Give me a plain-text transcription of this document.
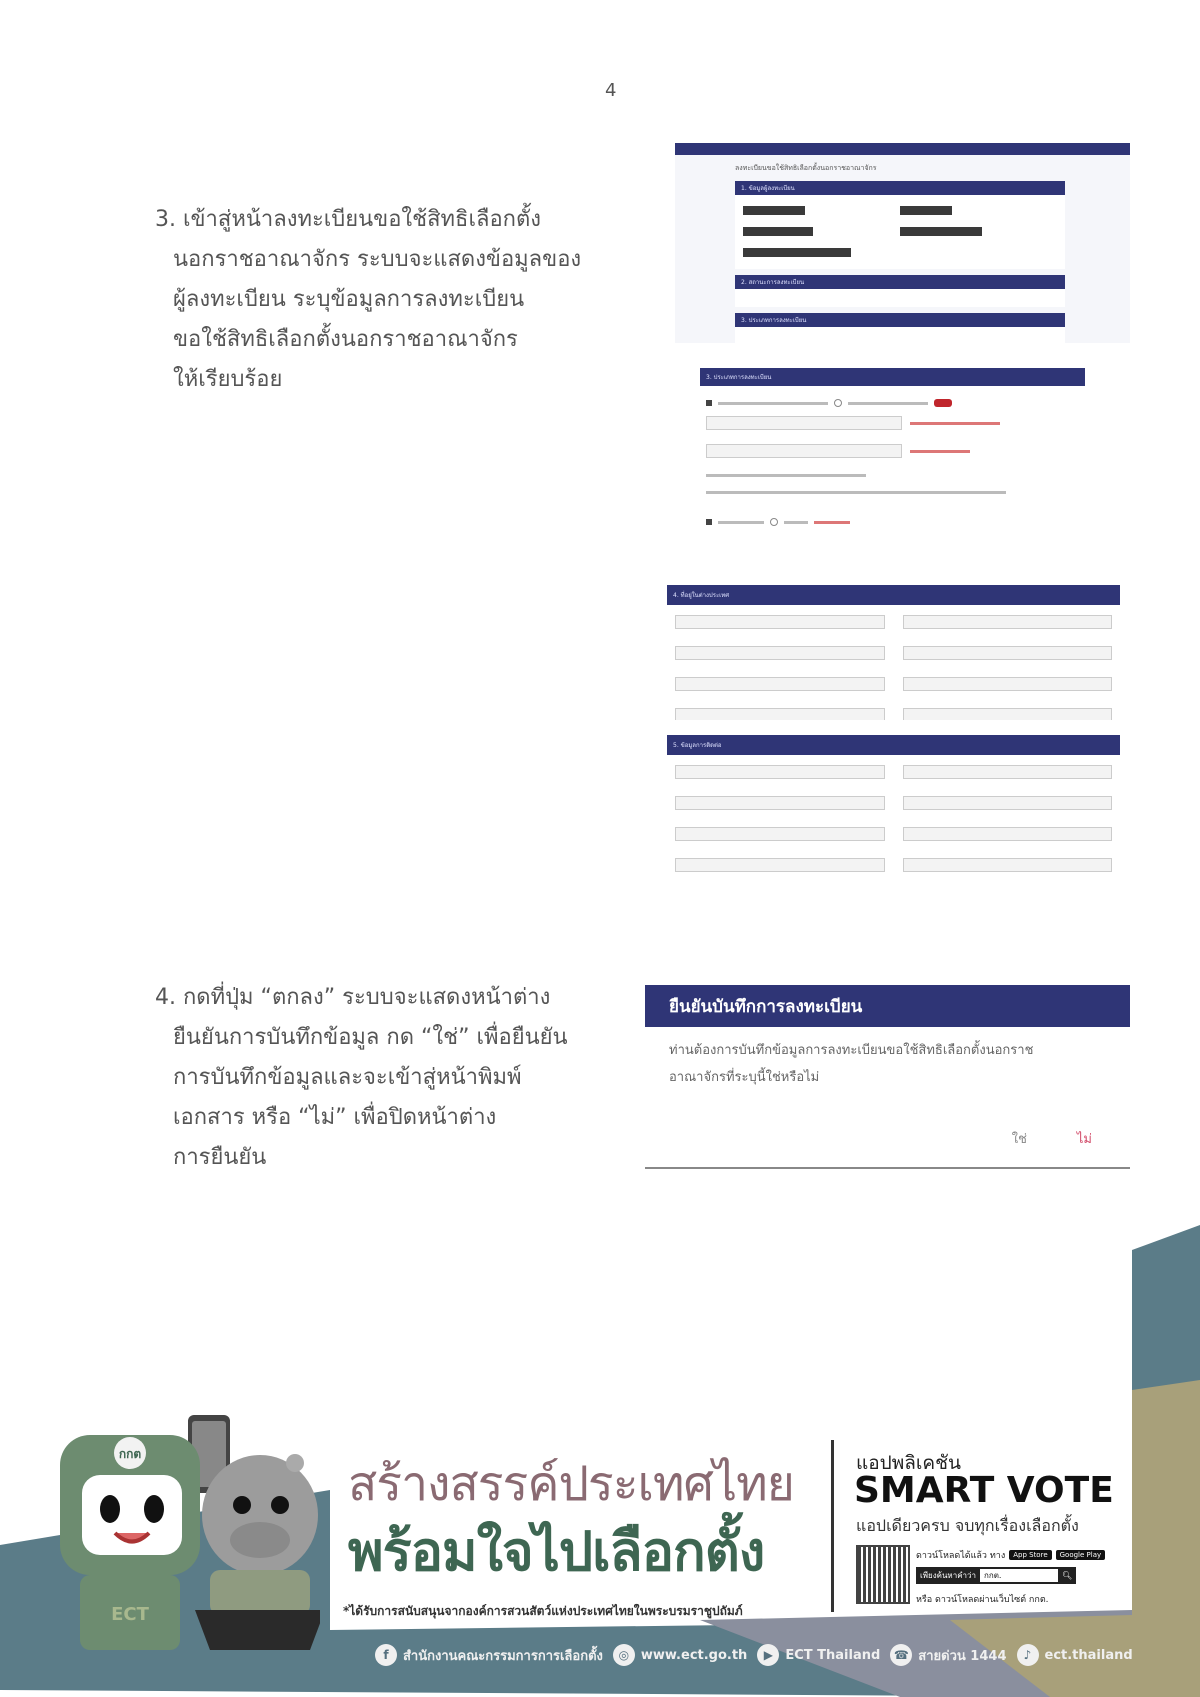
4
3. เข้าสู่หน้าลงทะเบียนขอใช้สิทธิเลือกตั้ง
นอกราชอาณาจักร ระบบจะแสดงข้อมูลของ
ผู้ลงทะเบียน ระบุข้อมูลการลงทะเบียน
ขอใช้สิทธิเลือกตั้งนอกราชอาณาจักร
ให้เรียบร้อย
ลงทะเบียนขอใช้สิทธิเลือกตั้งนอกราชอาณาจักร
1. ข้อมูลผู้ลงทะเบียน
2. สถานะการลงทะเบียน
3. ประเภทการลงทะเบียน
3. ประเภทการลงทะเบียน
4. ที่อยู่ในต่างประเทศ
5. ข้อมูลการติดต่อ
4. กดที่ปุ่ม “ตกลง” ระบบจะแสดงหน้าต่าง
ยืนยันการบันทึกข้อมูล กด “ใช่” เพื่อยืนยัน
การบันทึกข้อมูลและจะเข้าสู่หน้าพิมพ์
เอกสาร หรือ “ไม่” เพื่อปิดหน้าต่าง
การยืนยัน
ยืนยันบันทึกการลงทะเบียน
ท่านต้องการบันทึกข้อมูลการลงทะเบียนขอใช้สิทธิเลือกตั้งนอกราช
อาณาจักรที่ระบุนี้ใช่หรือไม่
ใช่	ไม่
กกต
ECT
สร้างสรรค์ประเทศไทย
พร้อมใจไปเลือกตั้ง
*ได้รับการสนับสนุนจากองค์การสวนสัตว์แห่งประเทศไทยในพระบรมราชูปถัมภ์
แอปพลิเคชัน
SMART VOTE
แอปเดียวครบ จบทุกเรื่องเลือกตั้ง
ดาวน์โหลดได้แล้ว ทาง	App Store	Google Play
เพียงค้นหาคำว่า	กกต.	🔍︎
หรือ ดาวน์โหลดผ่านเว็บไซต์ กกต.
f	สำนักงานคณะกรรมการการเลือกตั้ง	◎ www.ect.go.th	▶ ECT Thailand ☎ สายด่วน 1444	♪	ect.thailand
